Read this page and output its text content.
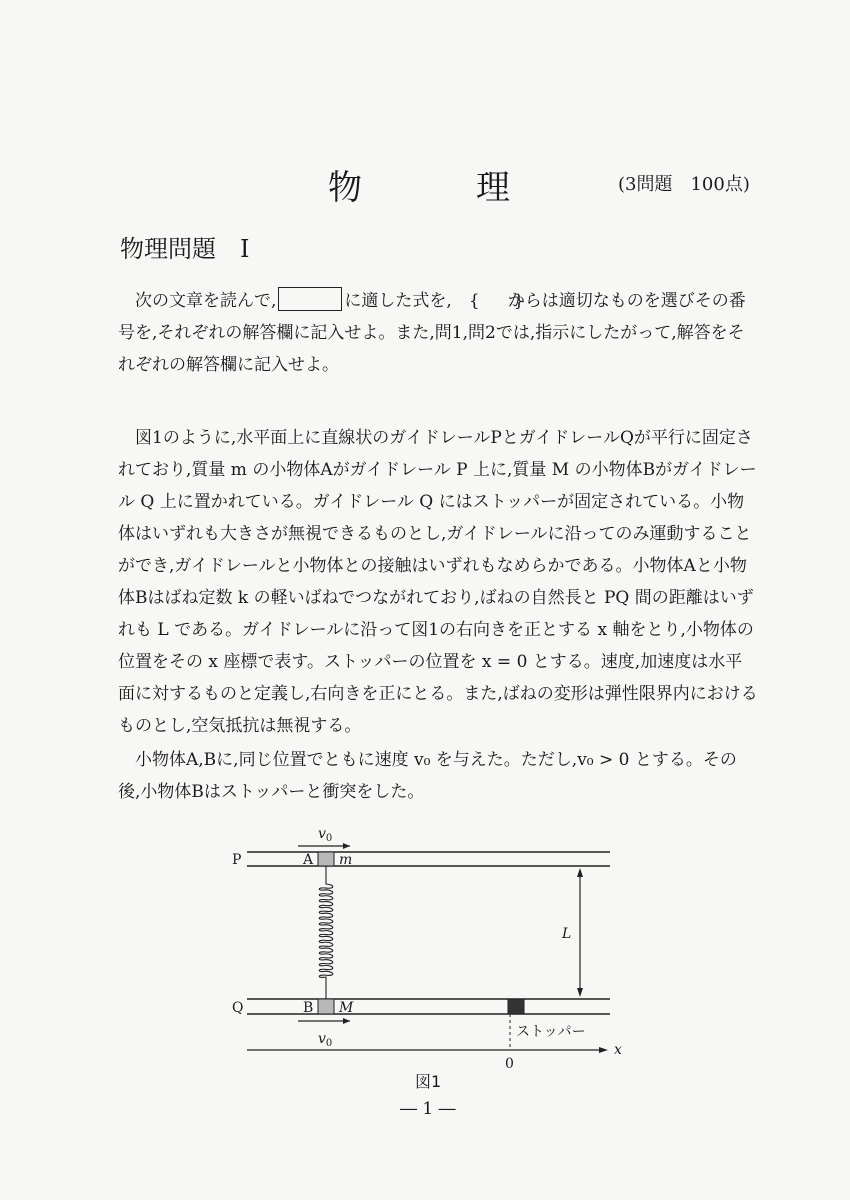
物	理	(3問題　100点)
物理問題 Ⅰ
次の文章を読んで,	に適した式を, {　　}からは適切なものを選びその番号を,それぞれの解答欄に記入せよ。また,問1,問2では,指示にしたがって,解答をそれぞれの解答欄に記入せよ。
図1のように,水平面上に直線状のガイドレールPとガイドレールQが平行に固定されており,質量 m の小物体Aがガイドレール P 上に,質量 M の小物体Bがガイドレール Q 上に置かれている。ガイドレール Q にはストッパーが固定されている。小物体はいずれも大きさが無視できるものとし,ガイドレールに沿ってのみ運動することができ,ガイドレールと小物体との接触はいずれもなめらかである。小物体Aと小物体Bはばね定数 k の軽いばねでつながれており,ばねの自然長と PQ 間の距離はいずれも L である。ガイドレールに沿って図1の右向きを正とする x 軸をとり,小物体の位置をその x 座標で表す。ストッパーの位置を x = 0 とする。速度,加速度は水平面に対するものと定義し,右向きを正にとる。また,ばねの変形は弾性限界内におけるものとし,空気抵抗は無視する。
小物体A,Bに,同じ位置でともに速度 v₀ を与えた。ただし,v₀ > 0 とする。その後,小物体Bはストッパーと衝突をした。
P
Q
A
B
m
M
$v_0$
$v_0$
L
ストッパー
0
x
図1
― 1 ―
